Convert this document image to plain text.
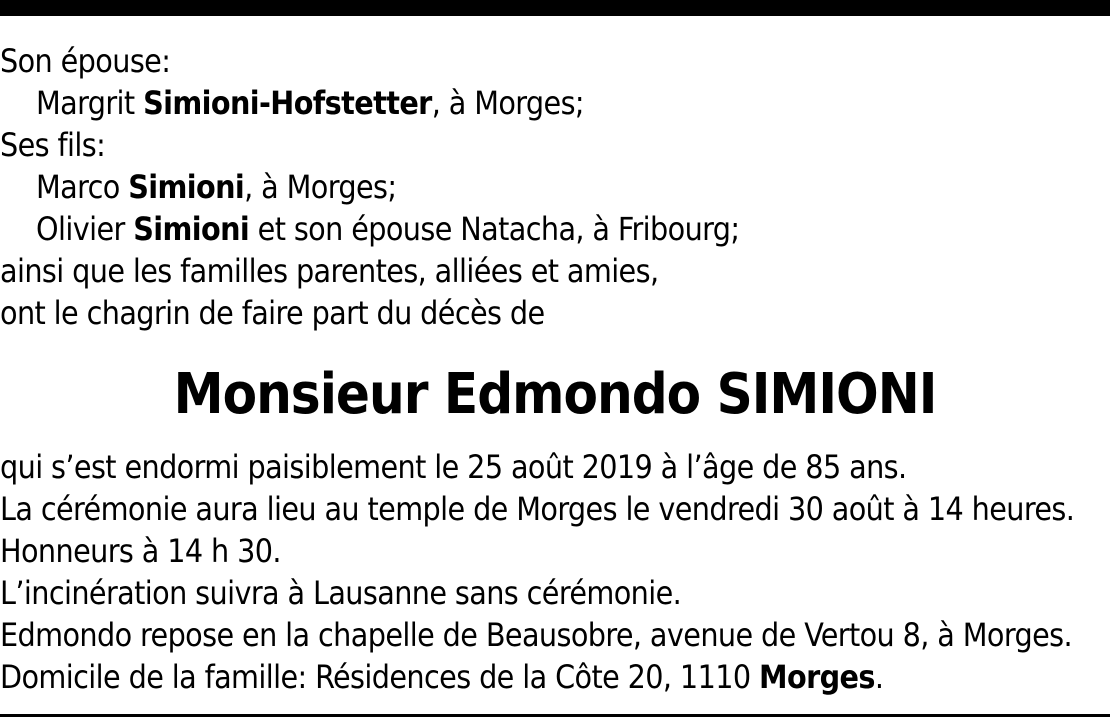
Son épouse:
Margrit Simioni-Hofstetter, à Morges;
Ses fils:
Marco Simioni, à Morges;
Olivier Simioni et son épouse Natacha, à Fribourg;
ainsi que les familles parentes, alliées et amies,
ont le chagrin de faire part du décès de
Monsieur Edmondo SIMIONI
qui s’est endormi paisiblement le 25 août 2019 à l’âge de 85 ans.
La cérémonie aura lieu au temple de Morges le vendredi 30 août à 14 heures.
Honneurs à 14 h 30.
L’incinération suivra à Lausanne sans cérémonie.
Edmondo repose en la chapelle de Beausobre, avenue de Vertou 8, à Morges.
Domicile de la famille: Résidences de la Côte 20, 1110 Morges.
